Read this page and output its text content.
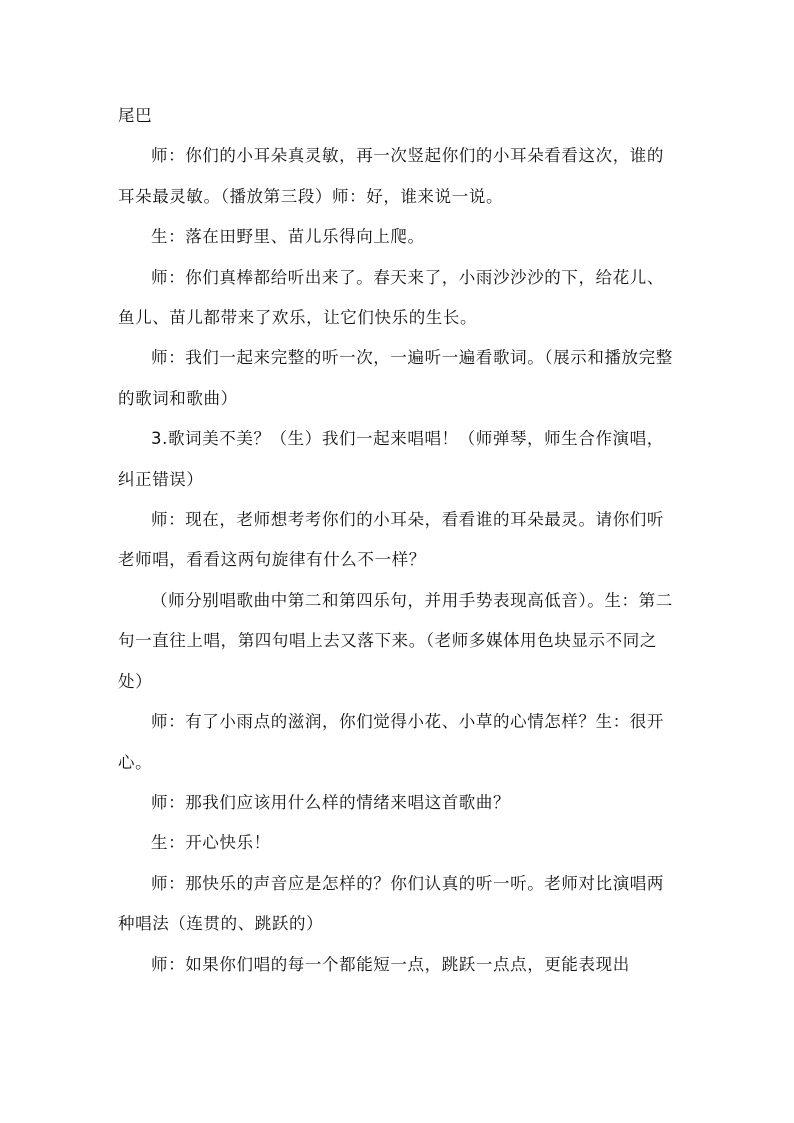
尾巴

师：你们的小耳朵真灵敏，再一次竖起你们的小耳朵看看这次，谁的耳朵最灵敏。（播放第三段）师：好，谁来说一说。

生：落在田野里、苗儿乐得向上爬。

师：你们真棒都给听出来了。春天来了，小雨沙沙沙的下，给花儿、鱼儿、苗儿都带来了欢乐，让它们快乐的生长。

师：我们一起来完整的听一次，一遍听一遍看歌词。（展示和播放完整的歌词和歌曲）

3.歌词美不美？（生）我们一起来唱唱！（师弹琴，师生合作演唱，纠正错误）

师：现在，老师想考考你们的小耳朵，看看谁的耳朵最灵。请你们听老师唱，看看这两句旋律有什么不一样？

（师分别唱歌曲中第二和第四乐句，并用手势表现高低音）。生：第二句一直往上唱，第四句唱上去又落下来。（老师多媒体用色块显示不同之处）

师：有了小雨点的滋润，你们觉得小花、小草的心情怎样？生：很开心。

师：那我们应该用什么样的情绪来唱这首歌曲？

生：开心快乐！

师：那快乐的声音应是怎样的？你们认真的听一听。老师对比演唱两种唱法（连贯的、跳跃的）

师：如果你们唱的每一个都能短一点，跳跃一点点，更能表现出
